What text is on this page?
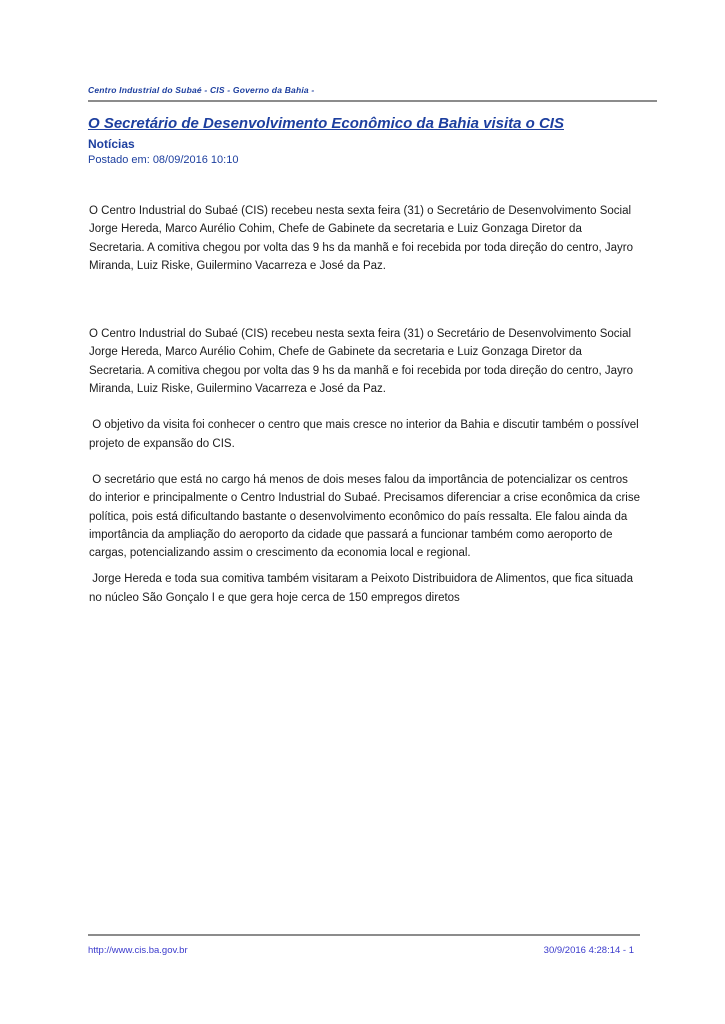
Centro Industrial do Subaé - CIS - Governo da Bahia -
O Secretário de Desenvolvimento Econômico da Bahia visita o CIS
Notícias
Postado em: 08/09/2016 10:10

O Centro Industrial do Subaé (CIS) recebeu nesta sexta feira (31) o Secretário de Desenvolvimento Social Jorge Hereda, Marco Aurélio Cohim, Chefe de Gabinete da secretaria e Luiz Gonzaga Diretor da Secretaria. A comitiva chegou por volta das 9 hs da manhã e foi recebida por toda direção do centro, Jayro Miranda, Luiz Riske, Guilermino Vacarreza e José da Paz.

O Centro Industrial do Subaé (CIS) recebeu nesta sexta feira (31) o Secretário de Desenvolvimento Social Jorge Hereda, Marco Aurélio Cohim, Chefe de Gabinete da secretaria e Luiz Gonzaga Diretor da Secretaria. A comitiva chegou por volta das 9 hs da manhã e foi recebida por toda direção do centro, Jayro Miranda, Luiz Riske, Guilermino Vacarreza e José da Paz.

O objetivo da visita foi conhecer o centro que mais cresce no interior da Bahia e discutir também o possível projeto de expansão do CIS.

O secretário que está no cargo há menos de dois meses falou da importância de potencializar os centros do interior e principalmente o Centro Industrial do Subaé. Precisamos diferenciar a crise econômica da crise política, pois está dificultando bastante o desenvolvimento econômico do país ressalta. Ele falou ainda da importância da ampliação do aeroporto da cidade que passará a funcionar também como aeroporto de cargas, potencializando assim o crescimento da economia local e regional.

Jorge Hereda e toda sua comitiva também visitaram a Peixoto Distribuidora de Alimentos, que fica situada no núcleo São Gonçalo I e que gera hoje cerca de 150 empregos diretos

http://www.cis.ba.gov.br	30/9/2016 4:28:14 - 1
